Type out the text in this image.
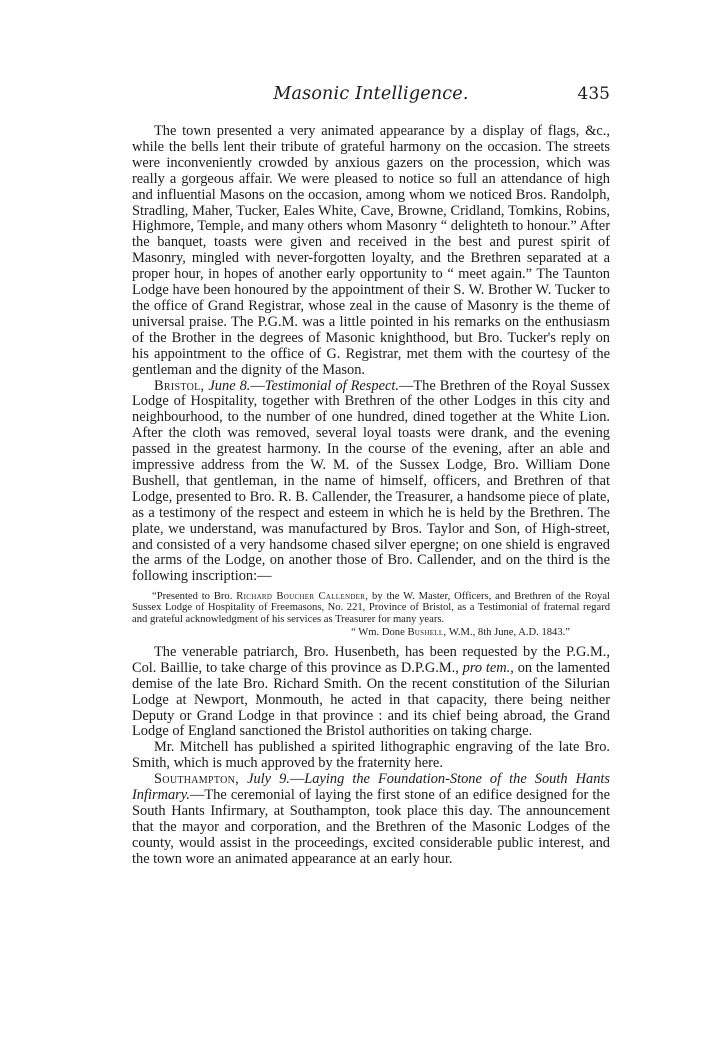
Masonic Intelligence.	435

The town presented a very animated appearance by a display of flags, &c., while the bells lent their tribute of grateful harmony on the occasion. The streets were inconveniently crowded by anxious gazers on the procession, which was really a gorgeous affair. We were pleased to notice so full an attendance of high and influential Masons on the occasion, among whom we noticed Bros. Randolph, Stradling, Maher, Tucker, Eales White, Cave, Browne, Cridland, Tomkins, Robins, Highmore, Temple, and many others whom Masonry “ delighteth to honour.” After the banquet, toasts were given and received in the best and purest spirit of Masonry, mingled with never-forgotten loyalty, and the Brethren separated at a proper hour, in hopes of another early opportunity to “ meet again.” The Taunton Lodge have been honoured by the appointment of their S. W. Brother W. Tucker to the office of Grand Registrar, whose zeal in the cause of Masonry is the theme of universal praise. The P.G.M. was a little pointed in his remarks on the enthusiasm of the Brother in the degrees of Masonic knighthood, but Bro. Tucker's reply on his appointment to the office of G. Registrar, met them with the courtesy of the gentleman and the dignity of the Mason.

Bristol, June 8.—Testimonial of Respect.—The Brethren of the Royal Sussex Lodge of Hospitality, together with Brethren of the other Lodges in this city and neighbourhood, to the number of one hundred, dined together at the White Lion. After the cloth was removed, several loyal toasts were drank, and the evening passed in the greatest harmony. In the course of the evening, after an able and impressive address from the W. M. of the Sussex Lodge, Bro. William Done Bushell, that gentleman, in the name of himself, officers, and Brethren of that Lodge, presented to Bro. R. B. Callender, the Treasurer, a handsome piece of plate, as a testimony of the respect and esteem in which he is held by the Brethren. The plate, we understand, was manufactured by Bros. Taylor and Son, of High-street, and consisted of a very handsome chased silver epergne; on one shield is engraved the arms of the Lodge, on another those of Bro. Callender, and on the third is the following inscription:—

“Presented to Bro. Richard Boucher Callender, by the W. Master, Officers, and Brethren of the Royal Sussex Lodge of Hospitality of Freemasons, No. 221, Province of Bristol, as a Testimonial of fraternal regard and grateful acknowledgment of his services as Treasurer for many years.

“ Wm. Done Bushell, W.M., 8th June, A.D. 1843.”

The venerable patriarch, Bro. Husenbeth, has been requested by the P.G.M., Col. Baillie, to take charge of this province as D.P.G.M., pro tem., on the lamented demise of the late Bro. Richard Smith. On the recent constitution of the Silurian Lodge at Newport, Monmouth, he acted in that capacity, there being neither Deputy or Grand Lodge in that province : and its chief being abroad, the Grand Lodge of England sanctioned the Bristol authorities on taking charge.

Mr. Mitchell has published a spirited lithographic engraving of the late Bro. Smith, which is much approved by the fraternity here.

Southampton, July 9.—Laying the Foundation-Stone of the South Hants Infirmary.—The ceremonial of laying the first stone of an edifice designed for the South Hants Infirmary, at Southampton, took place this day. The announcement that the mayor and corporation, and the Brethren of the Masonic Lodges of the county, would assist in the proceedings, excited considerable public interest, and the town wore an animated appearance at an early hour.
